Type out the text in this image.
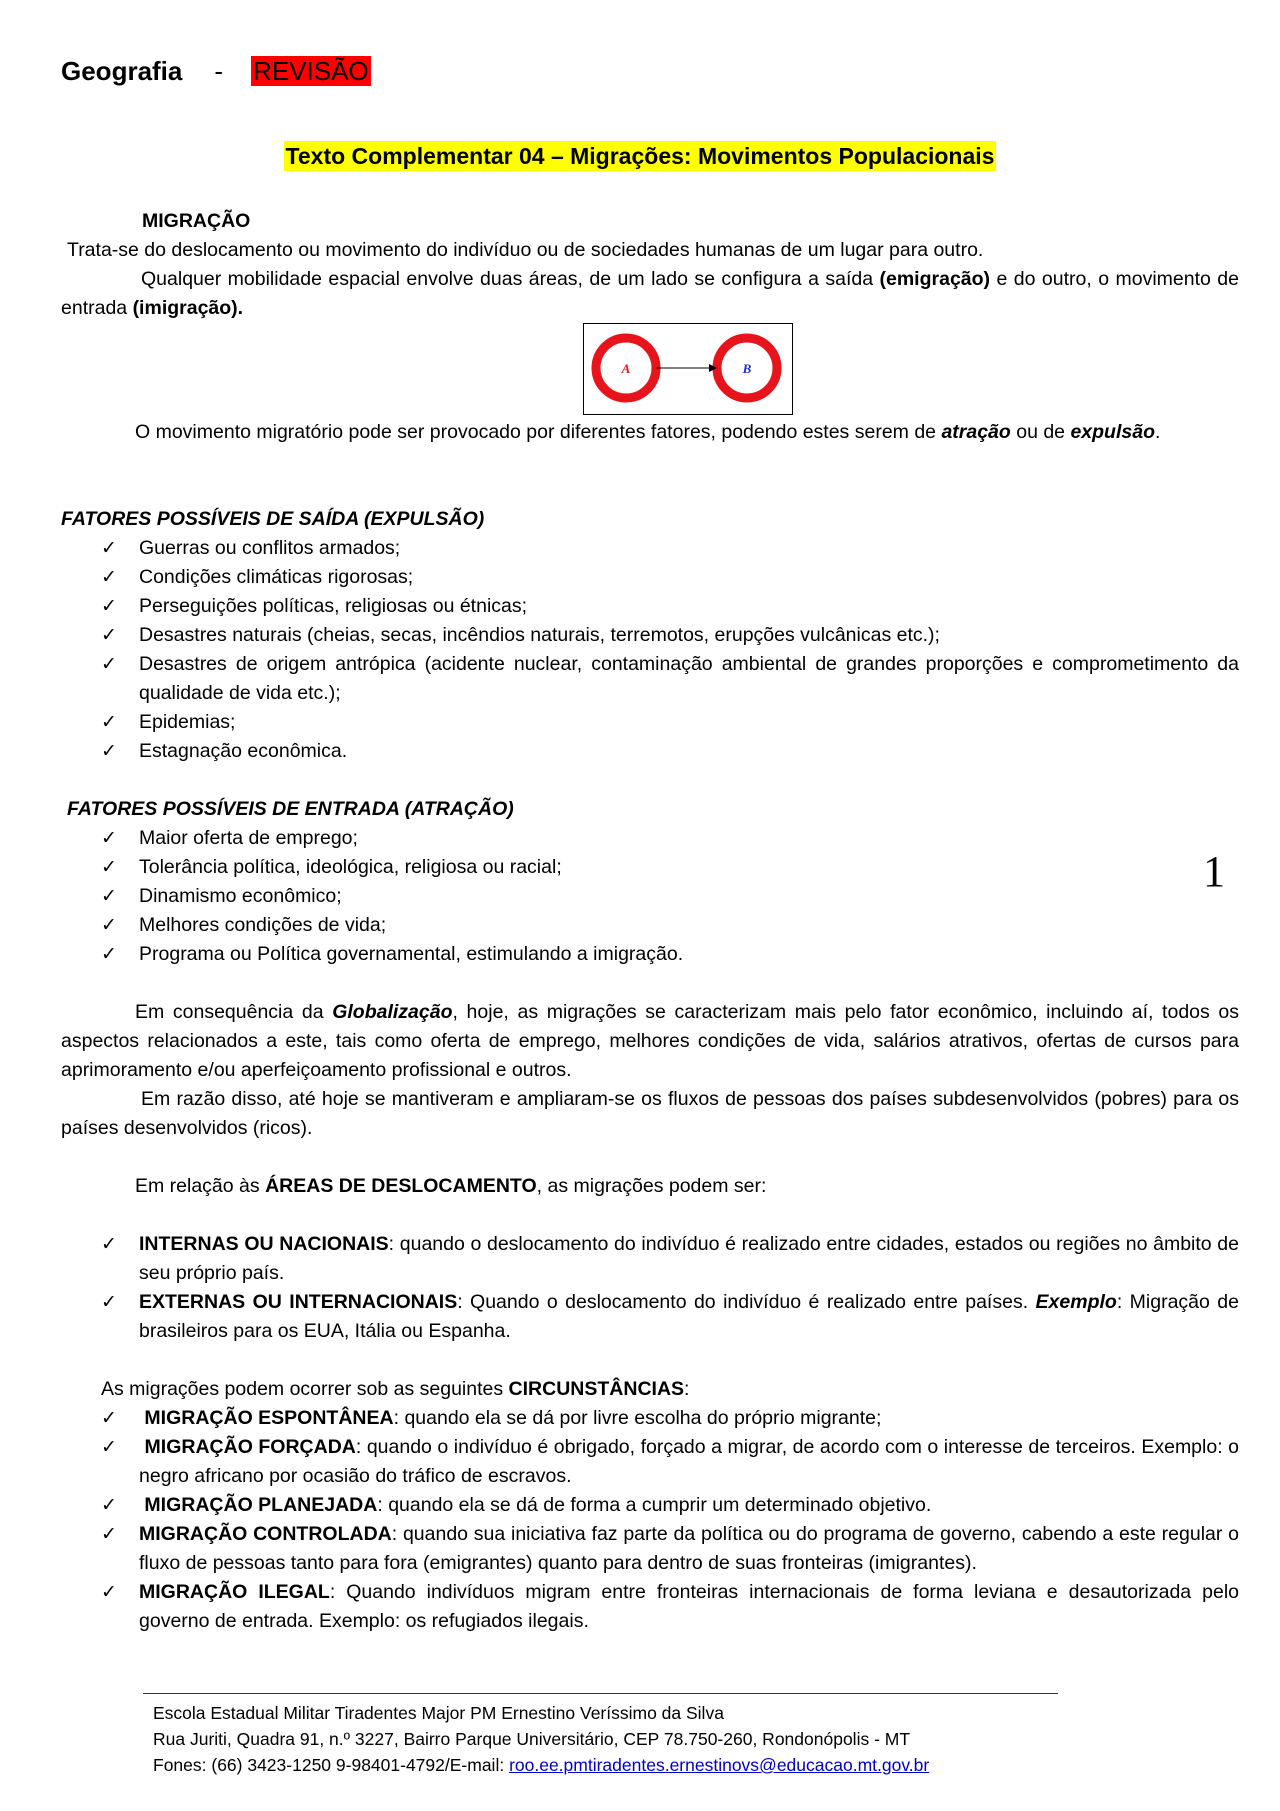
Geografia - REVISÃO
Texto Complementar 04 – Migrações: Movimentos Populacionais
MIGRAÇÃO
Trata-se do deslocamento ou movimento do indivíduo ou de sociedades humanas de um lugar para outro.
Qualquer mobilidade espacial envolve duas áreas, de um lado se configura a saída (emigração) e do outro, o movimento de entrada (imigração).
A	B
O movimento migratório pode ser provocado por diferentes fatores, podendo estes serem de atração ou de expulsão.
FATORES POSSÍVEIS DE SAÍDA (EXPULSÃO)
✓ Guerras ou conflitos armados;
✓ Condições climáticas rigorosas;
✓ Perseguições políticas, religiosas ou étnicas;
✓ Desastres naturais (cheias, secas, incêndios naturais, terremotos, erupções vulcânicas etc.);
✓ Desastres de origem antrópica (acidente nuclear, contaminação ambiental de grandes proporções e comprometimento da qualidade de vida etc.);
✓ Epidemias;
✓ Estagnação econômica.
FATORES POSSÍVEIS DE ENTRADA (ATRAÇÃO)
✓ Maior oferta de emprego;
✓ Tolerância política, ideológica, religiosa ou racial;
✓ Dinamismo econômico;
✓ Melhores condições de vida;
✓ Programa ou Política governamental, estimulando a imigração.
1
Em consequência da Globalização, hoje, as migrações se caracterizam mais pelo fator econômico, incluindo aí, todos os aspectos relacionados a este, tais como oferta de emprego, melhores condições de vida, salários atrativos, ofertas de cursos para aprimoramento e/ou aperfeiçoamento profissional e outros.
Em razão disso, até hoje se mantiveram e ampliaram-se os fluxos de pessoas dos países subdesenvolvidos (pobres) para os países desenvolvidos (ricos).
Em relação às ÁREAS DE DESLOCAMENTO, as migrações podem ser:
✓ INTERNAS OU NACIONAIS: quando o deslocamento do indivíduo é realizado entre cidades, estados ou regiões no âmbito de seu próprio país.
✓ EXTERNAS OU INTERNACIONAIS: Quando o deslocamento do indivíduo é realizado entre países. Exemplo: Migração de brasileiros para os EUA, Itália ou Espanha.
As migrações podem ocorrer sob as seguintes CIRCUNSTÂNCIAS:
✓ MIGRAÇÃO ESPONTÂNEA: quando ela se dá por livre escolha do próprio migrante;
✓ MIGRAÇÃO FORÇADA: quando o indivíduo é obrigado, forçado a migrar, de acordo com o interesse de terceiros. Exemplo: o negro africano por ocasião do tráfico de escravos.
✓ MIGRAÇÃO PLANEJADA: quando ela se dá de forma a cumprir um determinado objetivo.
✓ MIGRAÇÃO CONTROLADA: quando sua iniciativa faz parte da política ou do programa de governo, cabendo a este regular o fluxo de pessoas tanto para fora (emigrantes) quanto para dentro de suas fronteiras (imigrantes).
✓ MIGRAÇÃO ILEGAL: Quando indivíduos migram entre fronteiras internacionais de forma leviana e desautorizada pelo governo de entrada. Exemplo: os refugiados ilegais.
Escola Estadual Militar Tiradentes Major PM Ernestino Veríssimo da Silva
Rua Juriti, Quadra 91, n.º 3227, Bairro Parque Universitário, CEP 78.750-260, Rondonópolis - MT
Fones: (66) 3423-1250 9-98401-4792/E-mail: roo.ee.pmtiradentes.ernestinovs@educacao.mt.gov.br
